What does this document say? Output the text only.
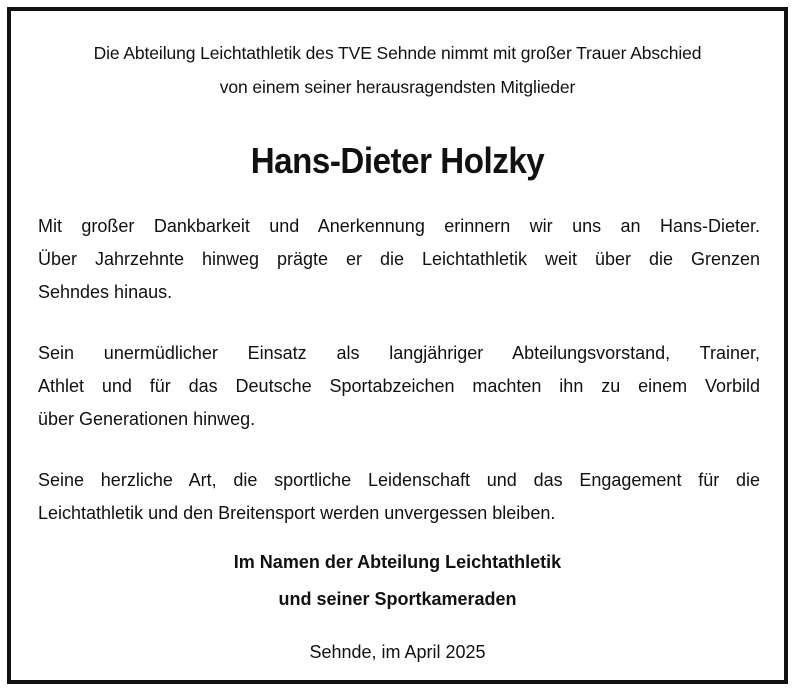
Die Abteilung Leichtathletik des TVE Sehnde nimmt mit großer Trauer Abschied
von einem seiner herausragendsten Mitglieder
Hans-Dieter Holzky
Mit großer Dankbarkeit und Anerkennung erinnern wir uns an Hans-Dieter.
Über Jahrzehnte hinweg prägte er die Leichtathletik weit über die Grenzen
Sehndes hinaus.
Sein unermüdlicher Einsatz als langjähriger Abteilungsvorstand, Trainer,
Athlet und für das Deutsche Sportabzeichen machten ihn zu einem Vorbild
über Generationen hinweg.
Seine herzliche Art, die sportliche Leidenschaft und das Engagement für die
Leichtathletik und den Breitensport werden unvergessen bleiben.
Im Namen der Abteilung Leichtathletik
und seiner Sportkameraden
Sehnde, im April 2025
